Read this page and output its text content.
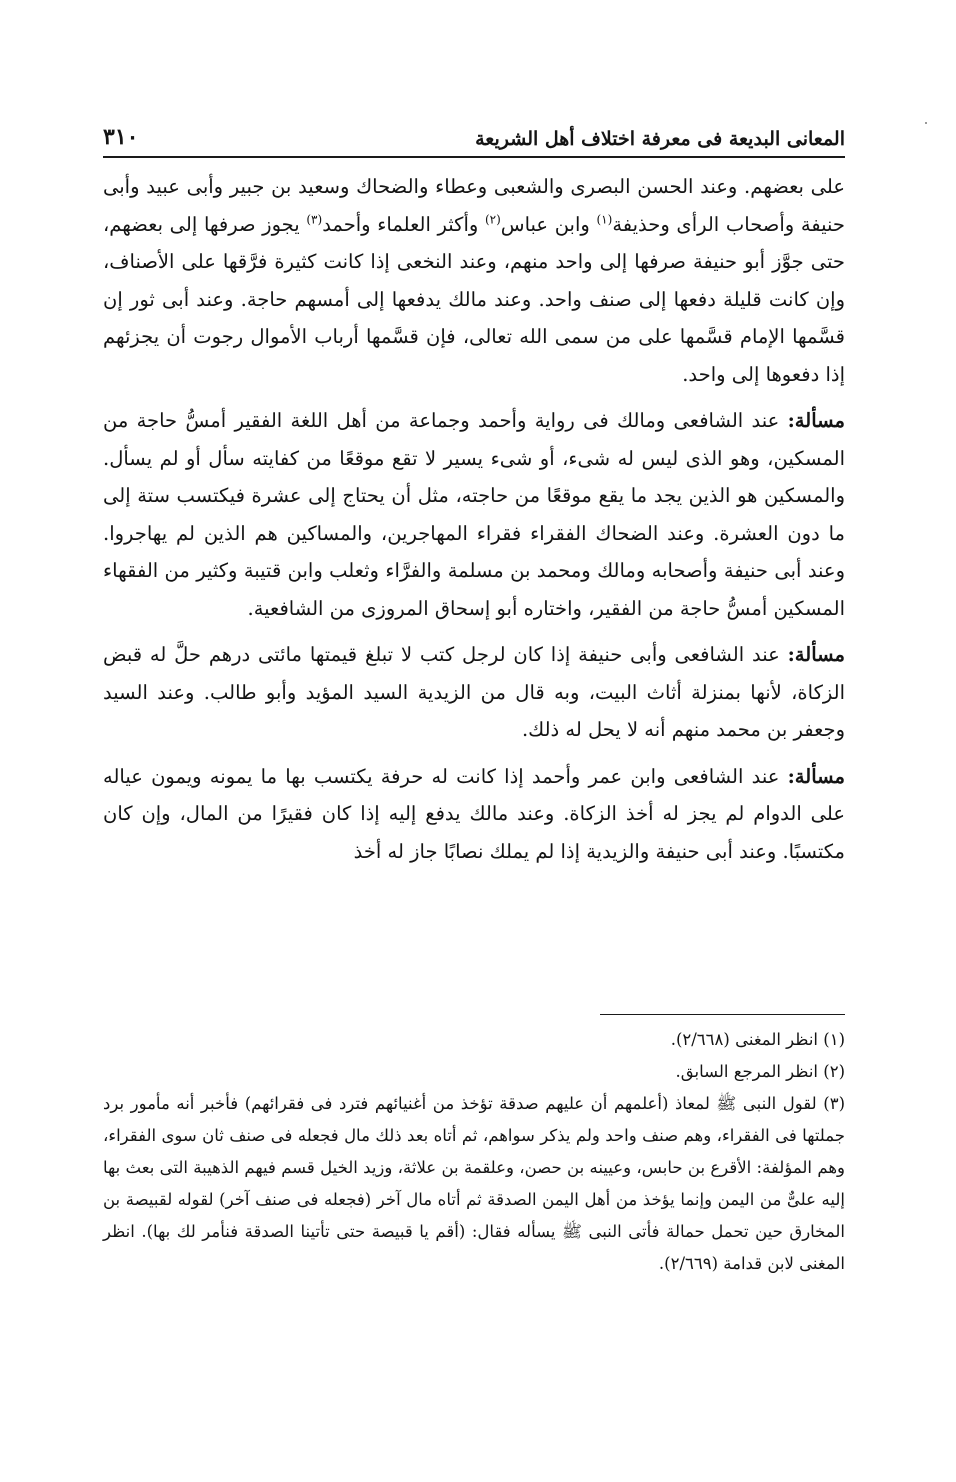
المعانى البديعة فى معرفة اختلاف أهل الشريعة
٣١٠

على بعضهم. وعند الحسن البصرى والشعبى وعطاء والضحاك وسعيد بن جبير وأبى عبيد وأبى حنيفة وأصحاب الرأى وحذيفة$^{(١)}$ وابن عباس$^{(٢)}$ وأكثر العلماء وأحمد$^{(٣)}$ يجوز صرفها إلى بعضهم، حتى جوَّز أبو حنيفة صرفها إلى واحد منهم، وعند النخعى إذا كانت كثيرة فرَّقها على الأصناف، وإن كانت قليلة دفعها إلى صنف واحد. وعند مالك يدفعها إلى أمسهم حاجة. وعند أبى ثور إن قسَّمها الإمام قسَّمها على من سمى الله تعالى، فإن قسَّمها أرباب الأموال رجوت أن يجزئهم إذا دفعوها إلى واحد.

مسألة: عند الشافعى ومالك فى رواية وأحمد وجماعة من أهل اللغة الفقير أمسُّ حاجة من المسكين، وهو الذى ليس له شىء، أو شىء يسير لا تقع موقعًا من كفايته سأل أو لم يسأل. والمسكين هو الذين يجد ما يقع موقعًا من حاجته، مثل أن يحتاج إلى عشرة فيكتسب ستة إلى ما دون العشرة. وعند الضحاك الفقراء فقراء المهاجرين، والمساكين هم الذين لم يهاجروا. وعند أبى حنيفة وأصحابه ومالك ومحمد بن مسلمة والفرَّاء وثعلب وابن قتيبة وكثير من الفقهاء المسكين أمسُّ حاجة من الفقير، واختاره أبو إسحاق المروزى من الشافعية.

مسألة: عند الشافعى وأبى حنيفة إذا كان لرجل كتب لا تبلغ قيمتها مائتى درهم حلَّ له قبض الزكاة، لأنها بمنزلة أثاث البيت، وبه قال من الزيدية السيد المؤيد وأبو طالب. وعند السيد وجعفر بن محمد منهم أنه لا يحل له ذلك.

مسألة: عند الشافعى وابن عمر وأحمد إذا كانت له حرفة يكتسب بها ما يمونه ويمون عياله على الدوام لم يجز له أخذ الزكاة. وعند مالك يدفع إليه إذا كان فقيرًا من المال، وإن كان مكتسبًا. وعند أبى حنيفة والزيدية إذا لم يملك نصابًا جاز له أخذ

(١) انظر المغنى (٢/٦٦٨).
(٢) انظر المرجع السابق.
(٣) لقول النبى ﷺ لمعاذ (أعلمهم أن عليهم صدقة تؤخذ من أغنيائهم فترد فى فقرائهم) فأخبر أنه مأمور برد جملتها فى الفقراء، وهم صنف واحد ولم يذكر سواهم، ثم أتاه بعد ذلك مال فجعله فى صنف ثان سوى الفقراء، وهم المؤلفة: الأقرع بن حابس، وعيينه بن حصن، وعلقمة بن علاثة، وزيد الخيل قسم فيهم الذهيبة التى بعث بها إليه علىٌّ من اليمن وإنما يؤخذ من أهل اليمن الصدقة ثم أتاه مال آخر (فجعله فى صنف آخر) لقوله لقبيصة بن المخارق حين تحمل حمالة فأتى النبى ﷺ يسأله فقال: (أقم يا قبيصة حتى تأتينا الصدقة فنأمر لك بها). انظر المغنى لابن قدامة (٢/٦٦٩).
